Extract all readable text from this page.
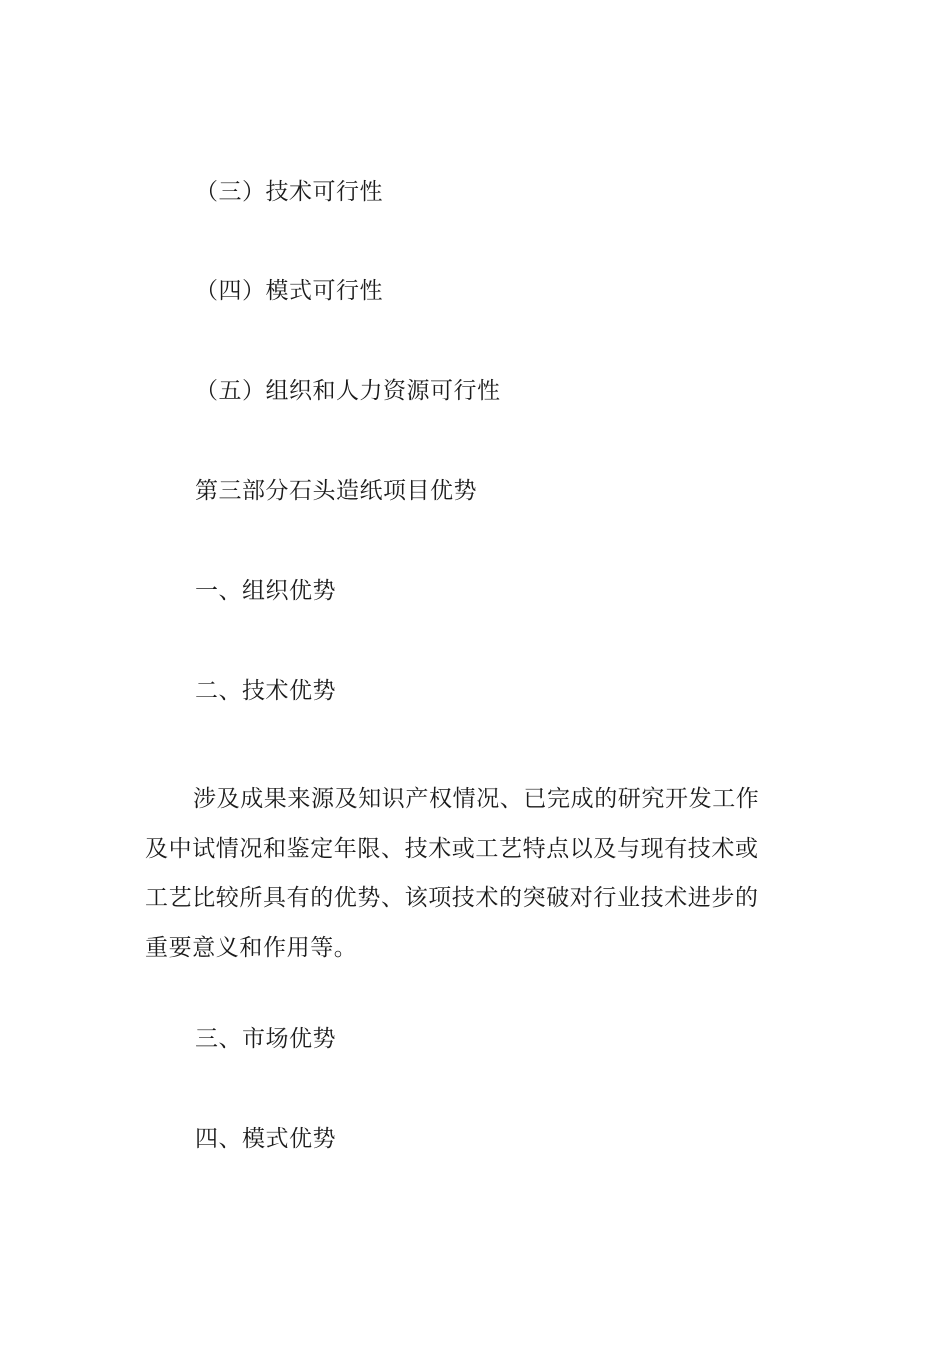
（三）技术可行性
（四）模式可行性
（五）组织和人力资源可行性
第三部分石头造纸项目优势
一、组织优势
二、技术优势
涉及成果来源及知识产权情况、已完成的研究开发工作
及中试情况和鉴定年限、技术或工艺特点以及与现有技术或
工艺比较所具有的优势、该项技术的突破对行业技术进步的
重要意义和作用等。
三、市场优势
四、模式优势
